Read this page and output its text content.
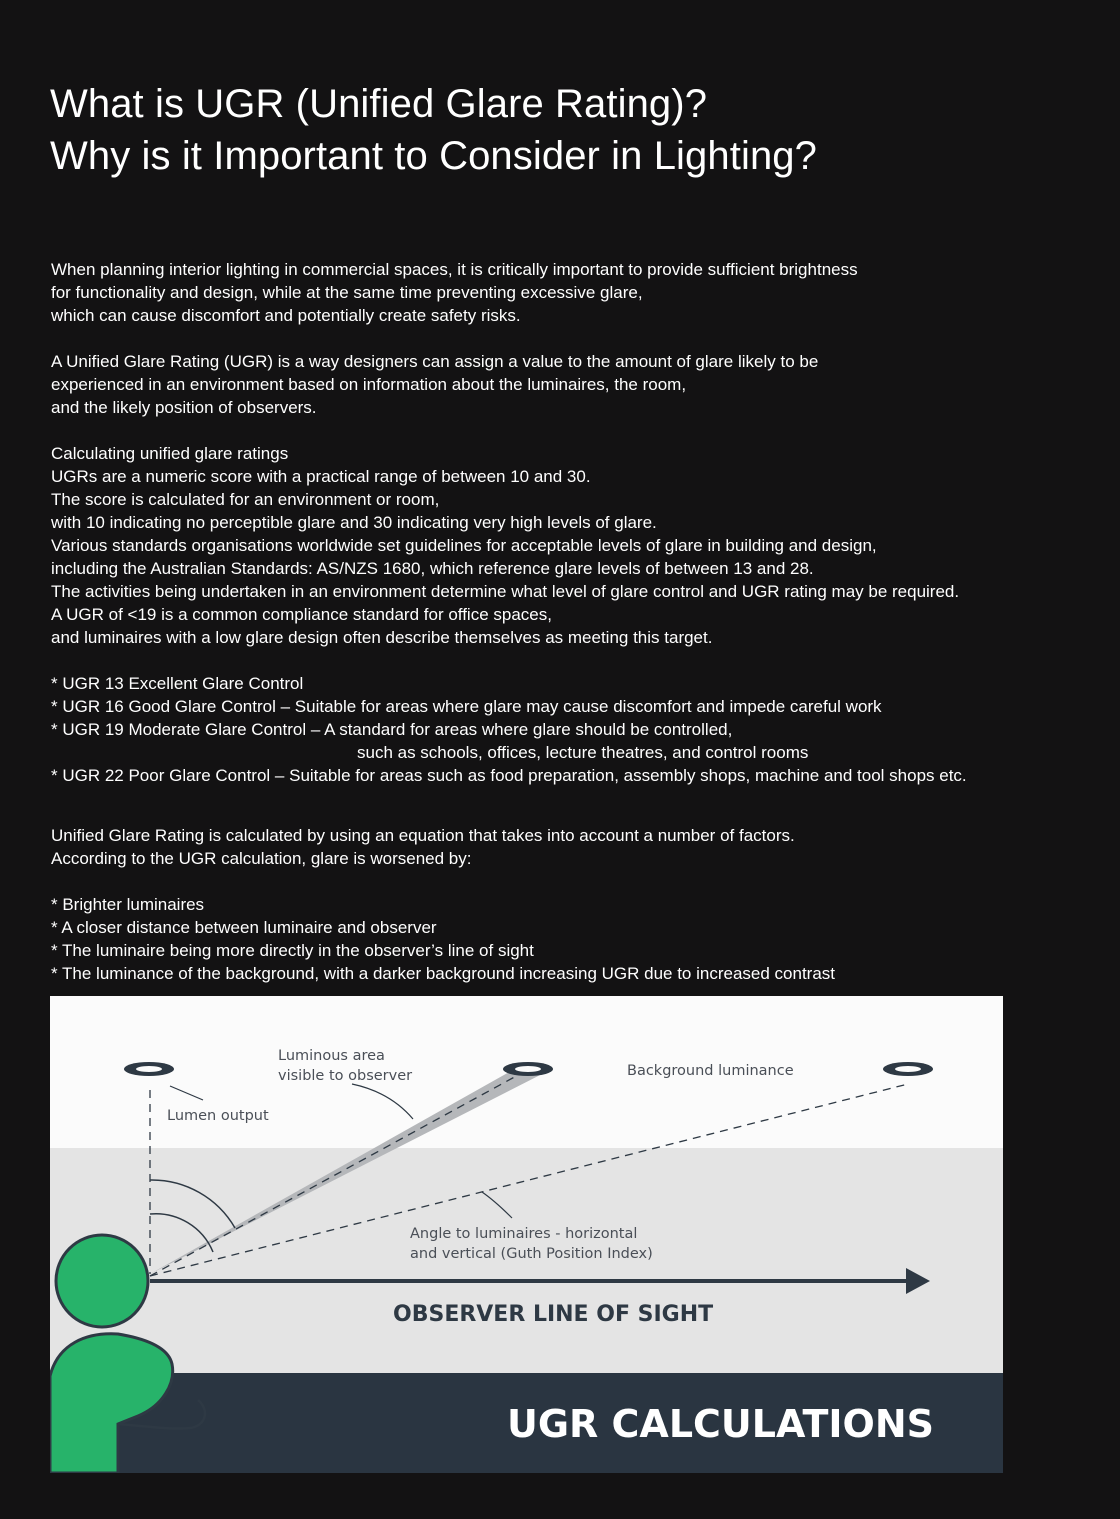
What is UGR (Unified Glare Rating)?
Why is it Important to Consider in Lighting?
When planning interior lighting in commercial spaces, it is critically important to provide sufficient brightness
for functionality and design, while at the same time preventing excessive glare,
which can cause discomfort and potentially create safety risks.
A Unified Glare Rating (UGR) is a way designers can assign a value to the amount of glare likely to be
experienced in an environment based on information about the luminaires, the room,
and the likely position of observers.
Calculating unified glare ratings
UGRs are a numeric score with a practical range of between 10 and 30.
The score is calculated for an environment or room,
with 10 indicating no perceptible glare and 30 indicating very high levels of glare.
Various standards organisations worldwide set guidelines for acceptable levels of glare in building and design,
including the Australian Standards: AS/NZS 1680, which reference glare levels of between 13 and 28.
The activities being undertaken in an environment determine what level of glare control and UGR rating may be required.
A UGR of <19 is a common compliance standard for office spaces,
and luminaires with a low glare design often describe themselves as meeting this target.
* UGR 13 Excellent Glare Control
* UGR 16 Good Glare Control – Suitable for areas where glare may cause discomfort and impede careful work
* UGR 19 Moderate Glare Control – A standard for areas where glare should be controlled,
such as schools, offices, lecture theatres, and control rooms
* UGR 22 Poor Glare Control – Suitable for areas such as food preparation, assembly shops, machine and tool shops etc.
Unified Glare Rating is calculated by using an equation that takes into account a number of factors.
According to the UGR calculation, glare is worsened by:
* Brighter luminaires
* A closer distance between luminaire and observer
* The luminaire being more directly in the observer’s line of sight
* The luminance of the background, with a darker background increasing UGR due to increased contrast
Luminous area
visible to observer
Lumen output
Background luminance
Angle to luminaires - horizontal
and vertical (Guth Position Index)
OBSERVER LINE OF SIGHT
UGR CALCULATIONS
